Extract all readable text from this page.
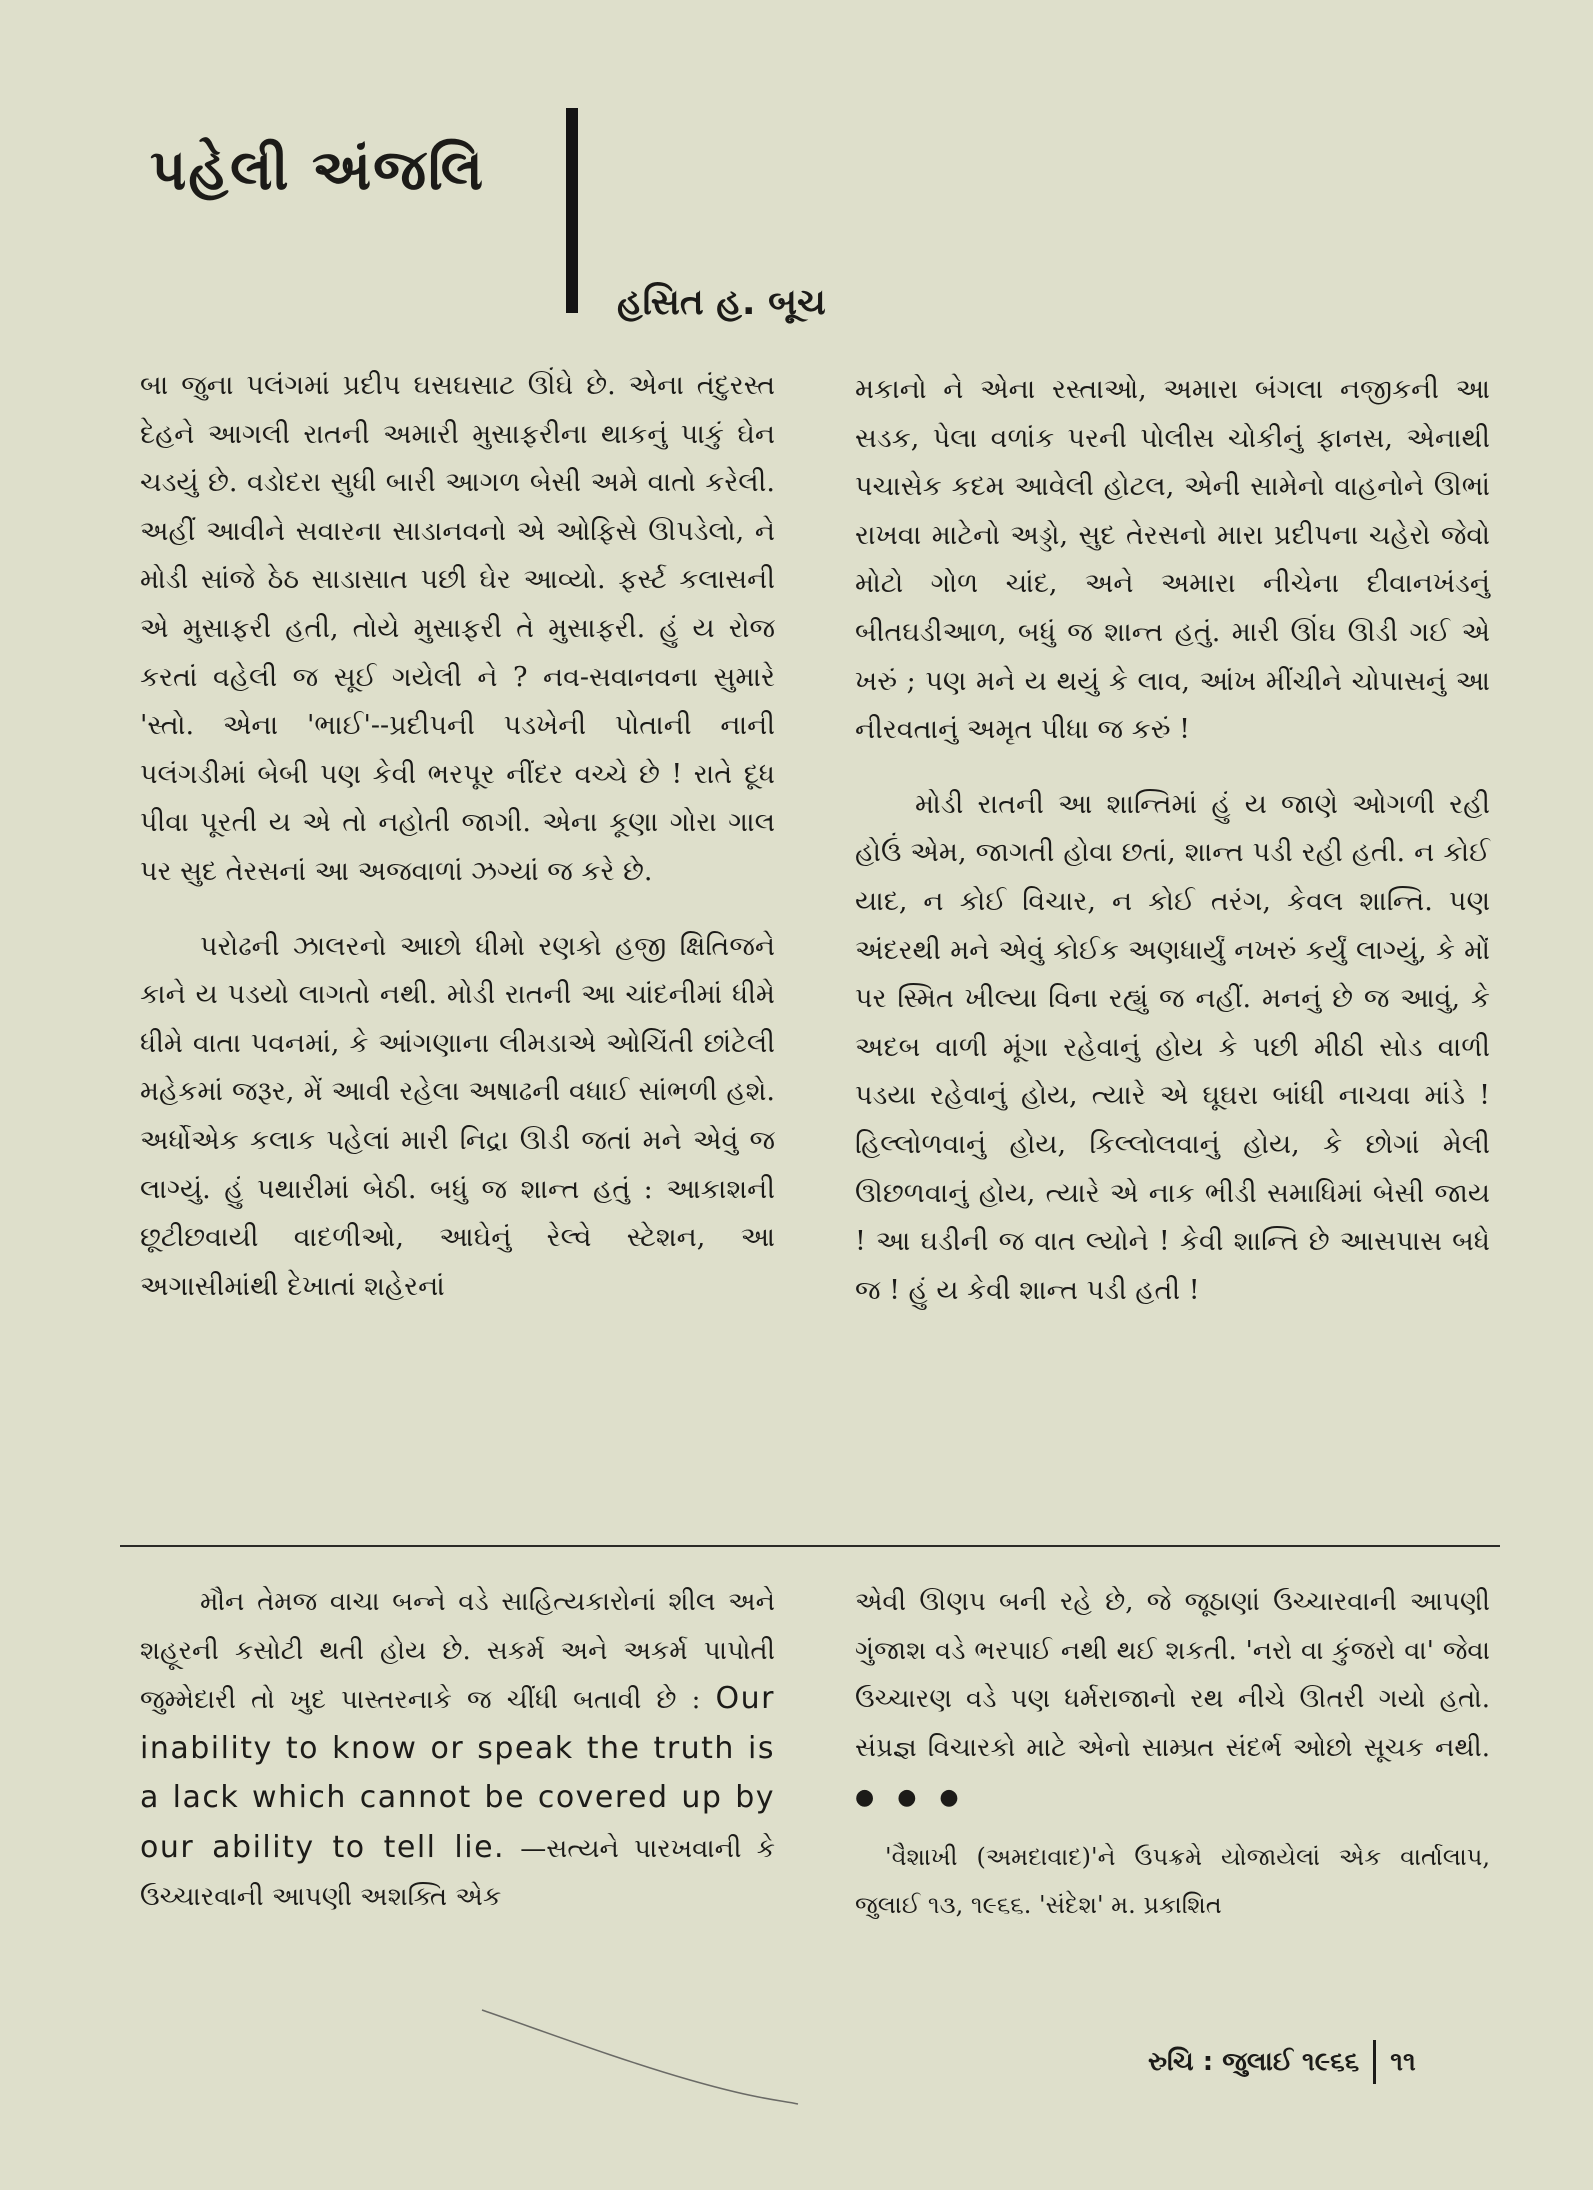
પહેલી અંજલિ
હસિત હ. બૂચ

બા જુના પલંગમાં પ્રદીપ ઘસઘસાટ ઊંઘે છે. એના તંદુરસ્ત દેહને આગલી રાતની અમારી મુસાફરીના થાકનું પાકું ઘેન ચડયું છે. વડોદરા સુધી બારી આગળ બેસી અમે વાતો કરેલી. અહીં આવીને સવારના સાડાનવનો એ ઓફિસે ઊપડેલો, ને મોડી સાંજે ઠેઠ સાડાસાત પછી ઘેર આવ્યો. ફર્સ્ટ કલાસની એ મુસાફરી હતી, તોયે મુસાફરી તે મુસાફરી. હું ય રોજ કરતાં વહેલી જ સૂઈ ગયેલી ને ? નવ-સવાનવના સુમારે 'સ્તો. એના 'ભાઈ'--પ્રદીપની પડખેની પોતાની નાની પલંગડીમાં બેબી પણ કેવી ભરપૂર નીંદર વચ્ચે છે ! રાતે દૂધ પીવા પૂરતી ય એ તો નહોતી જાગી. એના કૂણા ગોરા ગાલ પર સુદ તેરસનાં આ અજવાળાં ઝગ્યાં જ કરે છે.

પરોઢની ઝાલરનો આછો ધીમો રણકો હજી ક્ષિતિજને કાને ય પડયો લાગતો નથી. મોડી રાતની આ ચાંદનીમાં ધીમે ધીમે વાતા પવનમાં, કે આંગણાના લીમડાએ ઓચિંતી છાંટેલી મહેકમાં જરૂર, મેં આવી રહેલા અષાઢની વધાઈ સાંભળી હશે. અર્ધોએક કલાક પહેલાં મારી નિદ્રા ઊડી જતાં મને એવું જ લાગ્યું. હું પથારીમાં બેઠી. બધું જ શાન્ત હતું : આકાશની છૂટીછવાયી વાદળીઓ, આઘેનું રેલ્વે સ્ટેશન, આ અગાસીમાંથી દેખાતાં શહેરનાં

મકાનો ને એના રસ્તાઓ, અમારા બંગલા નજીકની આ સડક, પેલા વળાંક પરની પોલીસ ચોકીનું ફાનસ, એનાથી પચાસેક કદમ આવેલી હોટલ, એની સામેનો વાહનોને ઊભાં રાખવા માટેનો અડ્ડો, સુદ તેરસનો મારા પ્રદીપના ચહેરો જેવો મોટો ગોળ ચાંદ, અને અમારા નીચેના દીવાનખંડનું બીતઘડીઆળ, બધું જ શાન્ત હતું. મારી ઊંઘ ઊડી ગઈ એ ખરું ; પણ મને ય થયું કે લાવ, આંખ મીંચીને ચોપાસનું આ નીરવતાનું અમૃત પીધા જ કરું !

મોડી રાતની આ શાન્તિમાં હું ય જાણે ઓગળી રહી હોઉં એમ, જાગતી હોવા છતાં, શાન્ત પડી રહી હતી. ન કોઈ યાદ, ન કોઈ વિચાર, ન કોઈ તરંગ, કેવલ શાન્તિ. પણ અંદરથી મને એવું કોઈક અણધાર્યું નખરું કર્યું લાગ્યું, કે મોં પર સ્મિત ખીલ્યા વિના રહ્યું જ નહીં. મનનું છે જ આવું, કે અદબ વાળી મૂંગા રહેવાનું હોય કે પછી મીઠી સોડ વાળી પડયા રહેવાનું હોય, ત્યારે એ ઘૂઘરા બાંધી નાચવા માંડે ! હિલ્લોળવાનું હોય, કિલ્લોલવાનું હોય, કે છોગાં મેલી ઊછળવાનું હોય, ત્યારે એ નાક ભીડી સમાધિમાં બેસી જાય ! આ ઘડીની જ વાત લ્યોને ! કેવી શાન્તિ છે આસપાસ બધે જ ! હું ય કેવી શાન્ત પડી હતી !

મૌન તેમજ વાચા બન્ને વડે સાહિત્યકારોનાં શીલ અને શહૂરની કસોટી થતી હોય છે. સકર્મ અને અકર્મ પાપોતી જુમ્મેદારી તો ખુદ પાસ્તરનાકે જ ચીંધી બતાવી છે : Our inability to know or speak the truth is a lack which cannot be covered up by our ability to tell lie. —સત્યને પારખવાની કે ઉચ્ચારવાની આપણી અશક્તિ એક

એવી ઊણપ બની રહે છે, જે જૂઠાણાં ઉચ્ચારવાની આપણી ગુંજાશ વડે ભરપાઈ નથી થઈ શકતી. 'નરો વા કુંજરો વા' જેવા ઉચ્ચારણ વડે પણ ધર્મરાજાનો રથ નીચે ઊતરી ગયો હતો. સંપ્રજ્ઞ વિચારકો માટે એનો સામ્પ્રત સંદર્ભ ઓછો સૂચક નથી. ● ● ●

'વૈશાખી (અમદાવાદ)'ને ઉપક્રમે યોજાયેલાં એક વાર્તાલાપ, જુલાઈ ૧૩, ૧૯૬૬. 'સંદેશ' મ. પ્રકાશિત

રુચિ : જુલાઈ ૧૯૬૬ ૧૧
